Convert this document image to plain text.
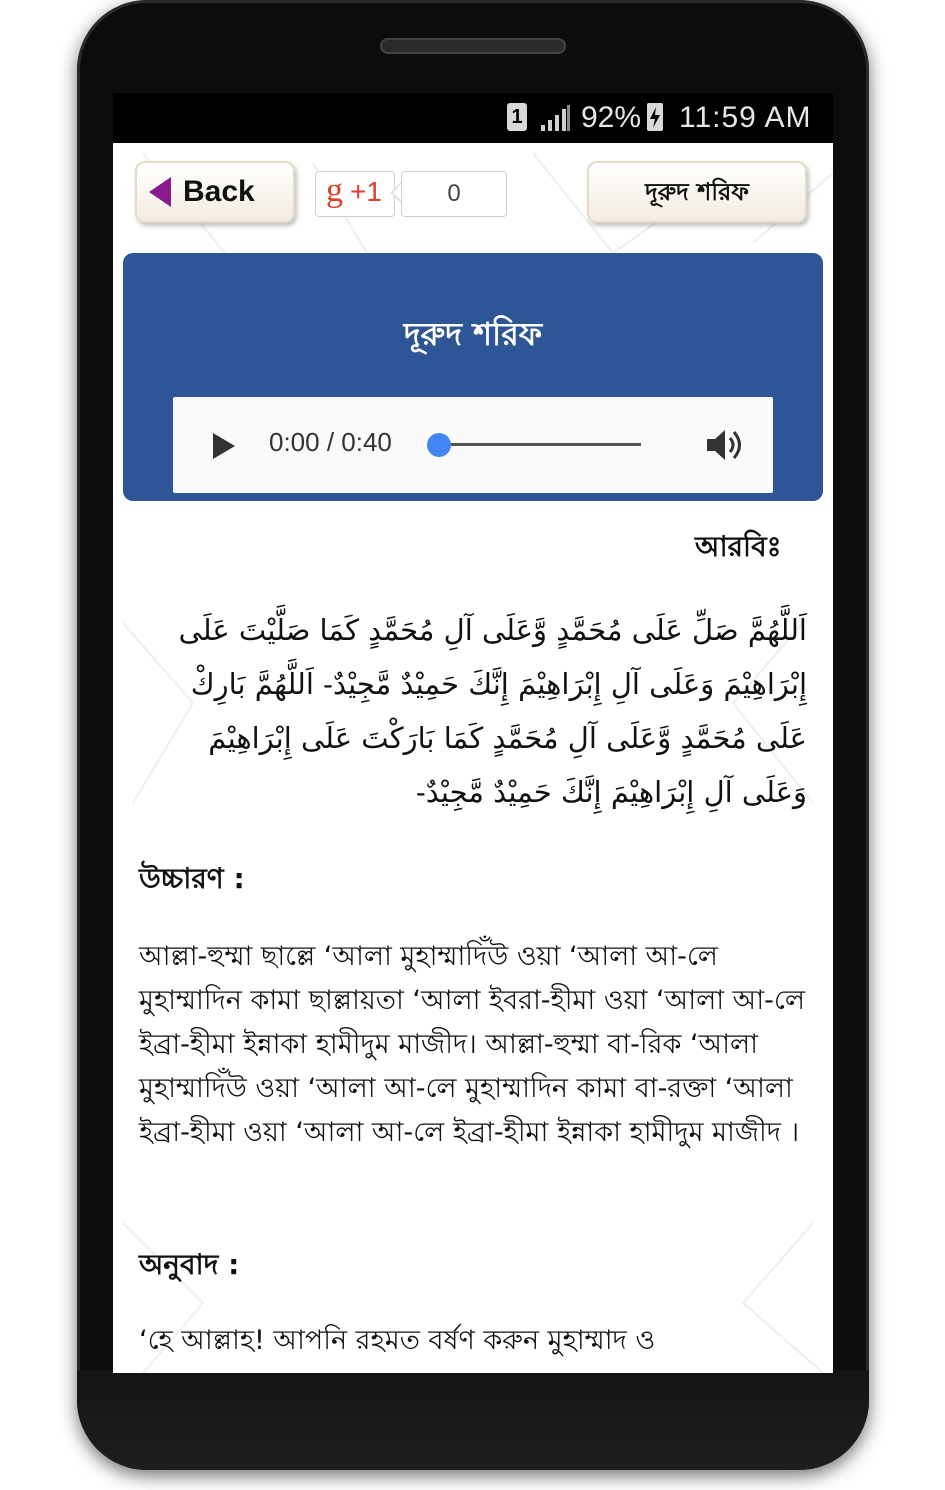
1 92% 11:59 AM
Back g +1	0	দূরুদ শরিফ
দূরুদ শরিফ
0:00 / 0:40
আরবিঃ
اَللَّهُمَّ صَلِّ عَلَى مُحَمَّدٍ وَّعَلَى آلِ مُحَمَّدٍ كَمَا صَلَّيْتَ عَلَى إِبْرَاهِيْمَ وَعَلَى آلِ إِبْرَاهِيْمَ إِنَّكَ حَمِيْدٌ مَّجِيْدٌ- اَللَّهُمَّ بَارِكْ عَلَى مُحَمَّدٍ وَّعَلَى آلِ مُحَمَّدٍ كَمَا بَارَكْتَ عَلَى إِبْرَاهِيْمَ وَعَلَى آلِ إِبْرَاهِيْمَ إِنَّكَ حَمِيْدٌ مَّجِيْدٌ-
উচ্চারণ :
আল্লা-হুম্মা ছাল্লে ‘আলা মুহাম্মাদিঁউ ওয়া ‘আলা আ-লে মুহাম্মাদিন কামা ছাল্লায়তা ‘আলা ইবরা-হীমা ওয়া ‘আলা আ-লে ইব্রা-হীমা ইন্নাকা হামীদুম মাজীদ। আল্লা-হুম্মা বা-রিক ‘আলা মুহাম্মাদিঁউ ওয়া ‘আলা আ-লে মুহাম্মাদিন কামা বা-রক্তা ‘আলা ইব্রা-হীমা ওয়া ‘আলা আ-লে ইব্রা-হীমা ইন্নাকা হামীদুম মাজীদ ।
অনুবাদ :
‘হে আল্লাহ! আপনি রহমত বর্ষণ করুন মুহাম্মাদ ও
